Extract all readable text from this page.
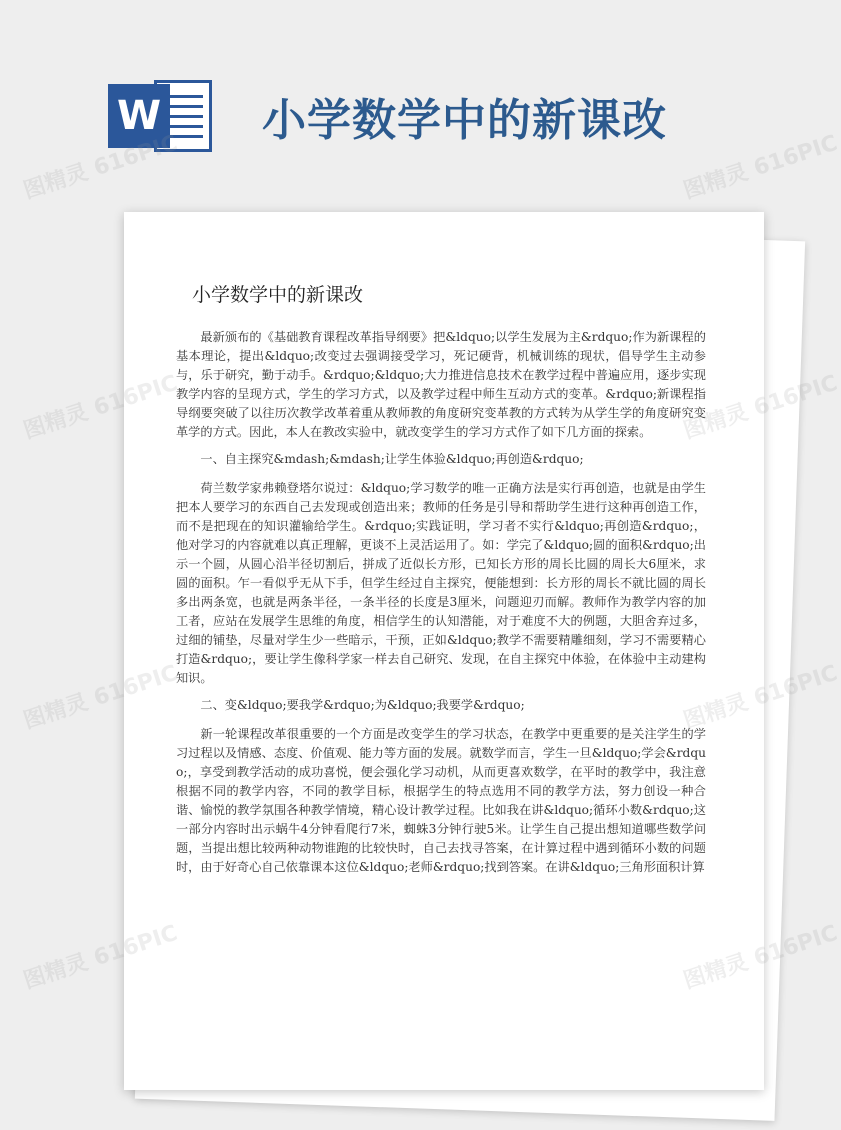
W 小学数学中的新课改
小学数学中的新课改

最新颁布的《基础教育课程改革指导纲要》把&ldquo;以学生发展为主&rdquo;作为新课程的基本理论，提出&ldquo;改变过去强调接受学习，死记硬背，机械训练的现状，倡导学生主动参与，乐于研究，勤于动手。&rdquo;&ldquo;大力推进信息技术在教学过程中普遍应用，逐步实现教学内容的呈现方式，学生的学习方式，以及教学过程中师生互动方式的变革。&rdquo;新课程指导纲要突破了以往历次教学改革着重从教师教的角度研究变革教的方式转为从学生学的角度研究变革学的方式。因此，本人在教改实验中，就改变学生的学习方式作了如下几方面的探索。

一、自主探究&mdash;&mdash;让学生体验&ldquo;再创造&rdquo;

荷兰数学家弗赖登塔尔说过：&ldquo;学习数学的唯一正确方法是实行再创造，也就是由学生把本人要学习的东西自己去发现或创造出来；教师的任务是引导和帮助学生进行这种再创造工作，而不是把现在的知识灌输给学生。&rdquo;实践证明，学习者不实行&ldquo;再创造&rdquo;，他对学习的内容就难以真正理解，更谈不上灵活运用了。如：学完了&ldquo;圆的面积&rdquo;出示一个圆，从圆心沿半径切割后，拼成了近似长方形，已知长方形的周长比圆的周长大6厘米，求圆的面积。乍一看似乎无从下手，但学生经过自主探究，便能想到：长方形的周长不就比圆的周长多出两条宽，也就是两条半径，一条半径的长度是3厘米，问题迎刃而解。教师作为教学内容的加工者，应站在发展学生思维的角度，相信学生的认知潜能，对于难度不大的例题，大胆舍弃过多，过细的铺垫，尽量对学生少一些暗示，干预，正如&ldquo;教学不需要精雕细刻，学习不需要精心打造&rdquo;，要让学生像科学家一样去自己研究、发现，在自主探究中体验，在体验中主动建构知识。

二、变&ldquo;要我学&rdquo;为&ldquo;我要学&rdquo;

新一轮课程改革很重要的一个方面是改变学生的学习状态，在教学中更重要的是关注学生的学习过程以及情感、态度、价值观、能力等方面的发展。就数学而言，学生一旦&ldquo;学会&rdquo;，享受到教学活动的成功喜悦，便会强化学习动机，从而更喜欢数学，在平时的教学中，我注意根据不同的教学内容，不同的教学目标，根据学生的特点选用不同的教学方法，努力创设一种合谐、愉悦的教学氛围各种教学情境，精心设计教学过程。比如我在讲&ldquo;循环小数&rdquo;这一部分内容时出示蜗牛4分钟看爬行7米，蜘蛛3分钟行驶5米。让学生自己提出想知道哪些数学问题，当提出想比较两种动物谁跑的比较快时，自己去找寻答案，在计算过程中遇到循环小数的问题时，由于好奇心自己依靠课本这位&ldquo;老师&rdquo;找到答案。在讲&ldquo;三角形面积计算

图精灵 616PIC	图精灵 616PIC
图精灵 616PIC
图精灵 616PIC	616PIC
图精灵 616PIC	616PIC
